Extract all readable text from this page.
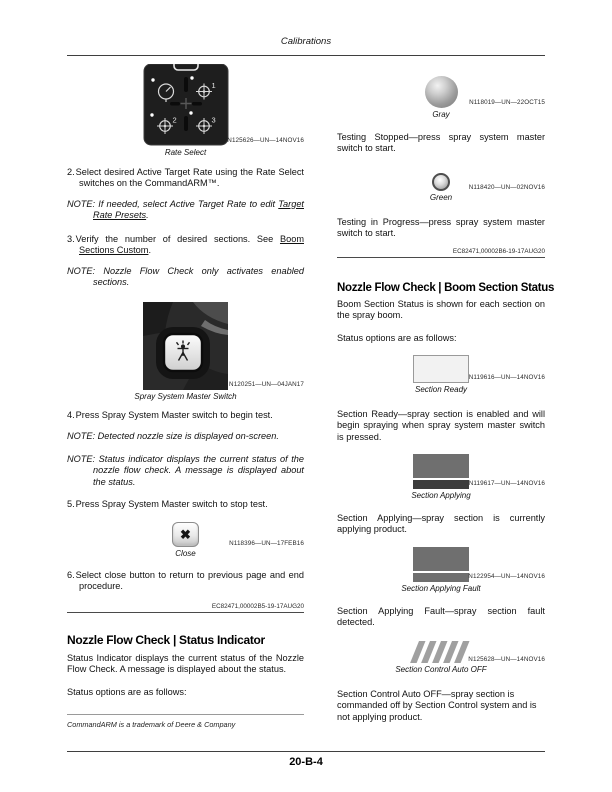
Calibrations
1
2	3
N125626—UN—14NOV16
Rate Select

2.Select desired Active Target Rate using the Rate Select switches on the CommandARM™.

NOTE: If needed, select Active Target Rate to edit Target Rate Presets.

3.Verify the number of desired sections. See Boom Sections Custom.

NOTE: Nozzle Flow Check only activates enabled sections.

N120251—UN—04JAN17
Spray System Master Switch

4.Press Spray System Master switch to begin test.

NOTE: Detected nozzle size is displayed on-screen.

NOTE: Status indicator displays the current status of the nozzle flow check. A message is displayed about the status.

5.Press Spray System Master switch to stop test.

✖
N118396—UN—17FEB16
Close

6.Select close button to return to previous page and end procedure.

EC82471,00002B5-19-17AUG20
Nozzle Flow Check | Status Indicator

Status Indicator displays the current status of the Nozzle Flow Check. A message is displayed about the status.

Status options are as follows:

N118019—UN—22OCT15
Gray

Testing Stopped—press spray system master switch to start.

N118420—UN—02NOV16
Green

Testing in Progress—press spray system master switch to start.

EC82471,00002B6-19-17AUG20
Nozzle Flow Check | Boom Section Status

Boom Section Status is shown for each section on the spray boom.

Status options are as follows:

N119616—UN—14NOV16
Section Ready

Section Ready—spray section is enabled and will begin spraying when spray system master switch is pressed.

N119617—UN—14NOV16
Section Applying

Section Applying—spray section is currently applying product.

N122954—UN—14NOV16
Section Applying Fault

Section Applying Fault—spray section fault detected.

N125628—UN—14NOV16
Section Control Auto OFF

Section Control Auto OFF—spray section is commanded off by Section Control system and is not applying product.

CommandARM is a trademark of Deere & Company
20-B-4
